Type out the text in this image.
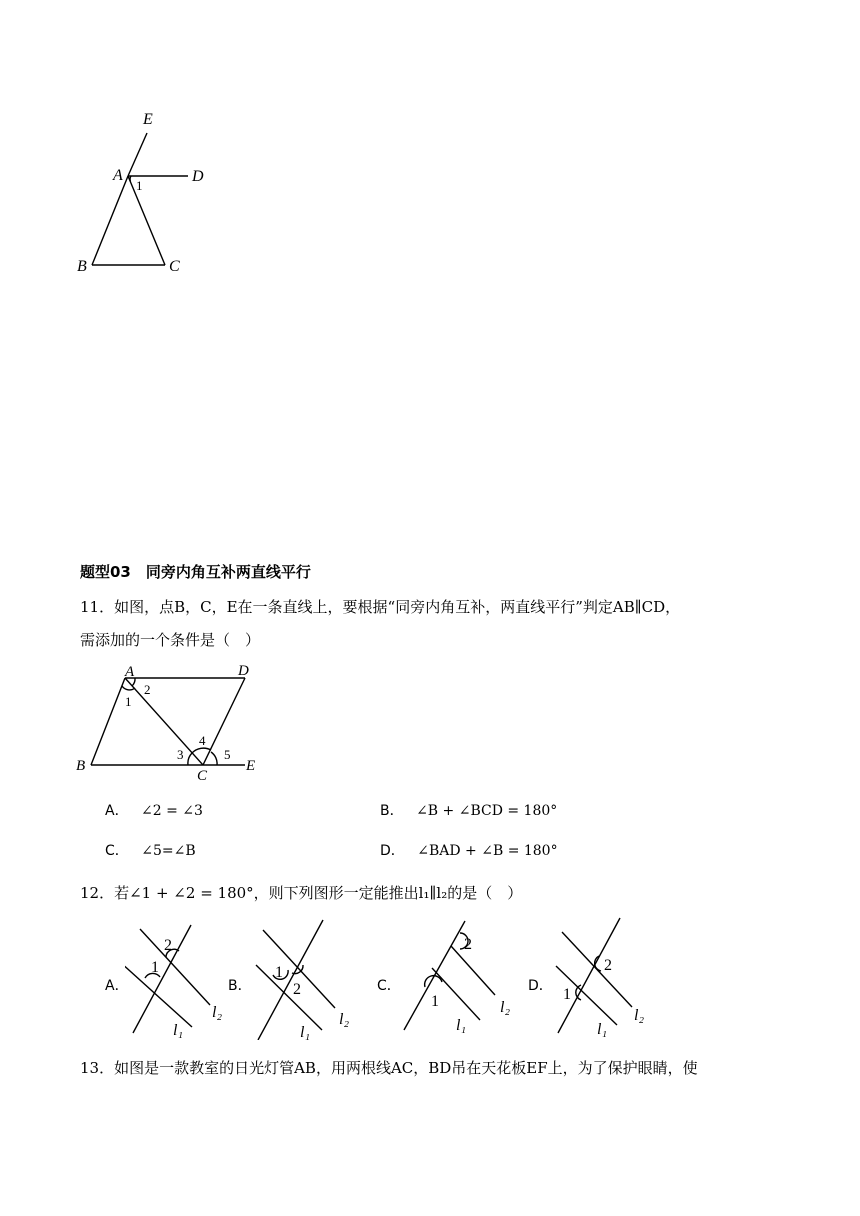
E
A	D
1
B	C
题型03　同旁内角互补两直线平行
11．如图，点B，C，E在一条直线上，要根据“同旁内角互补，两直线平行”判定AB∥CD，
需添加的一个条件是（　）
A	D
B
C
E
1
2
3
4
5
A． ∠2 = ∠3	B． ∠B + ∠BCD = 180°
C． ∠5=∠B	D． ∠BAD + ∠B = 180°
12．若∠1 + ∠2 = 180°，则下列图形一定能推出l₁∥l₂的是（　）
A．	B．	C．	D．
1
2
l₁
l₂
1
2
l₁
l₂
1
2
l₁
l₂
1
2
l₁
l₂
13．如图是一款教室的日光灯管AB，用两根线AC，BD吊在天花板EF上，为了保护眼睛，使
